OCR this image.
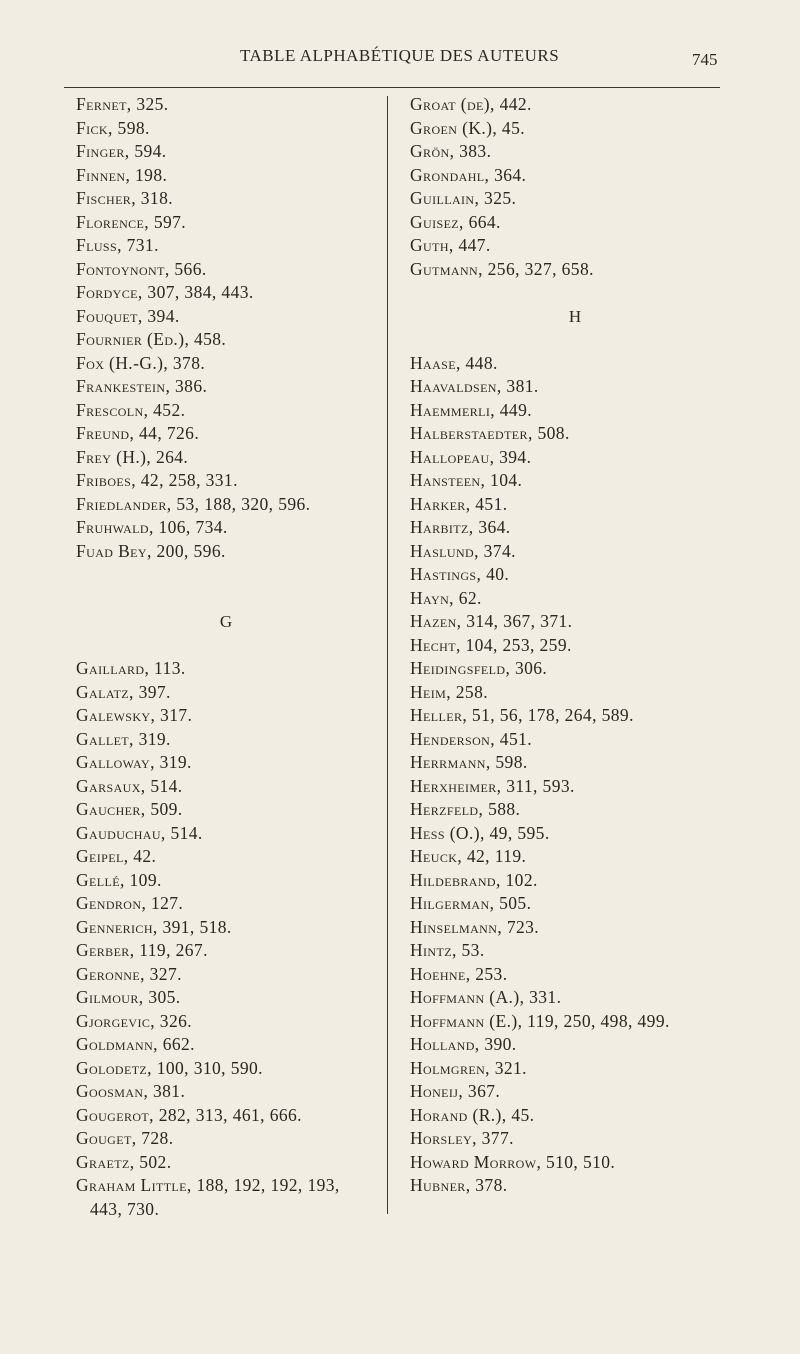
TABLE ALPHABÉTIQUE DES AUTEURS	745
Fernet, 325.
Fick, 598.
Finger, 594.
Finnen, 198.
Fischer, 318.
Florence, 597.
Fluss, 731.
Fontoynont, 566.
Fordyce, 307, 384, 443.
Fouquet, 394.
Fournier (Ed.), 458.
Fox (H.-G.), 378.
Frankestein, 386.
Frescoln, 452.
Freund, 44, 726.
Frey (H.), 264.
Friboes, 42, 258, 331.
Friedlander, 53, 188, 320, 596.
Fruhwald, 106, 734.
Fuad Bey, 200, 596.
G
Gaillard, 113.
Galatz, 397.
Galewsky, 317.
Gallet, 319.
Galloway, 319.
Garsaux, 514.
Gaucher, 509.
Gauduchau, 514.
Geipel, 42.
Gellé, 109.
Gendron, 127.
Gennerich, 391, 518.
Gerber, 119, 267.
Geronne, 327.
Gilmour, 305.
Gjorgevic, 326.
Goldmann, 662.
Golodetz, 100, 310, 590.
Goosman, 381.
Gougerot, 282, 313, 461, 666.
Gouget, 728.
Graetz, 502.
Graham Little, 188, 192, 192, 193,
443, 730.
Groat (de), 442.
Groen (K.), 45.
Grön, 383.
Grondahl, 364.
Guillain, 325.
Guisez, 664.
Guth, 447.
Gutmann, 256, 327, 658.
H
Haase, 448.
Haavaldsen, 381.
Haemmerli, 449.
Halberstaedter, 508.
Hallopeau, 394.
Hansteen, 104.
Harker, 451.
Harbitz, 364.
Haslund, 374.
Hastings, 40.
Hayn, 62.
Hazen, 314, 367, 371.
Hecht, 104, 253, 259.
Heidingsfeld, 306.
Heim, 258.
Heller, 51, 56, 178, 264, 589.
Henderson, 451.
Herrmann, 598.
Herxheimer, 311, 593.
Herzfeld, 588.
Hess (O.), 49, 595.
Heuck, 42, 119.
Hildebrand, 102.
Hilgerman, 505.
Hinselmann, 723.
Hintz, 53.
Hoehne, 253.
Hoffmann (A.), 331.
Hoffmann (E.), 119, 250, 498, 499.
Holland, 390.
Holmgren, 321.
Honeij, 367.
Horand (R.), 45.
Horsley, 377.
Howard Morrow, 510, 510.
Hubner, 378.
